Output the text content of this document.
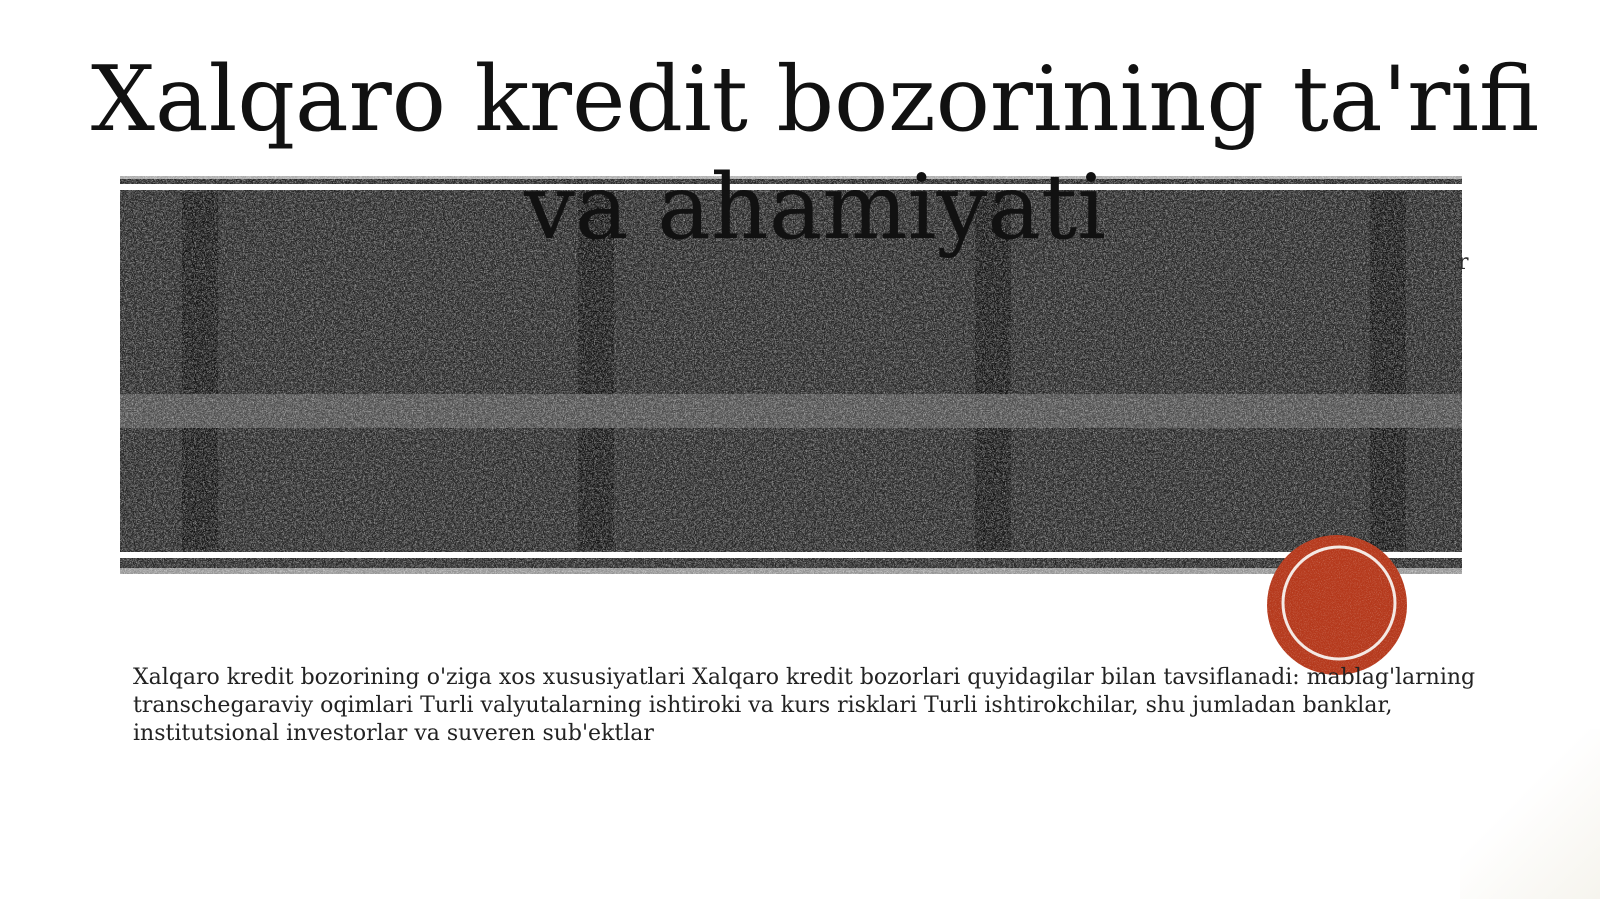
r
Xalqaro kredit bozorining ta'rifi va ahamiyati

Xalqaro kredit bozorining o'ziga xos xususiyatlari Xalqaro kredit bozorlari quyidagilar bilan tavsiflanadi: mablag'larning transchegaraviy oqimlari Turli valyutalarning ishtiroki va kurs risklari Turli ishtirokchilar, shu jumladan banklar, institutsional investorlar va suveren sub'ektlar
